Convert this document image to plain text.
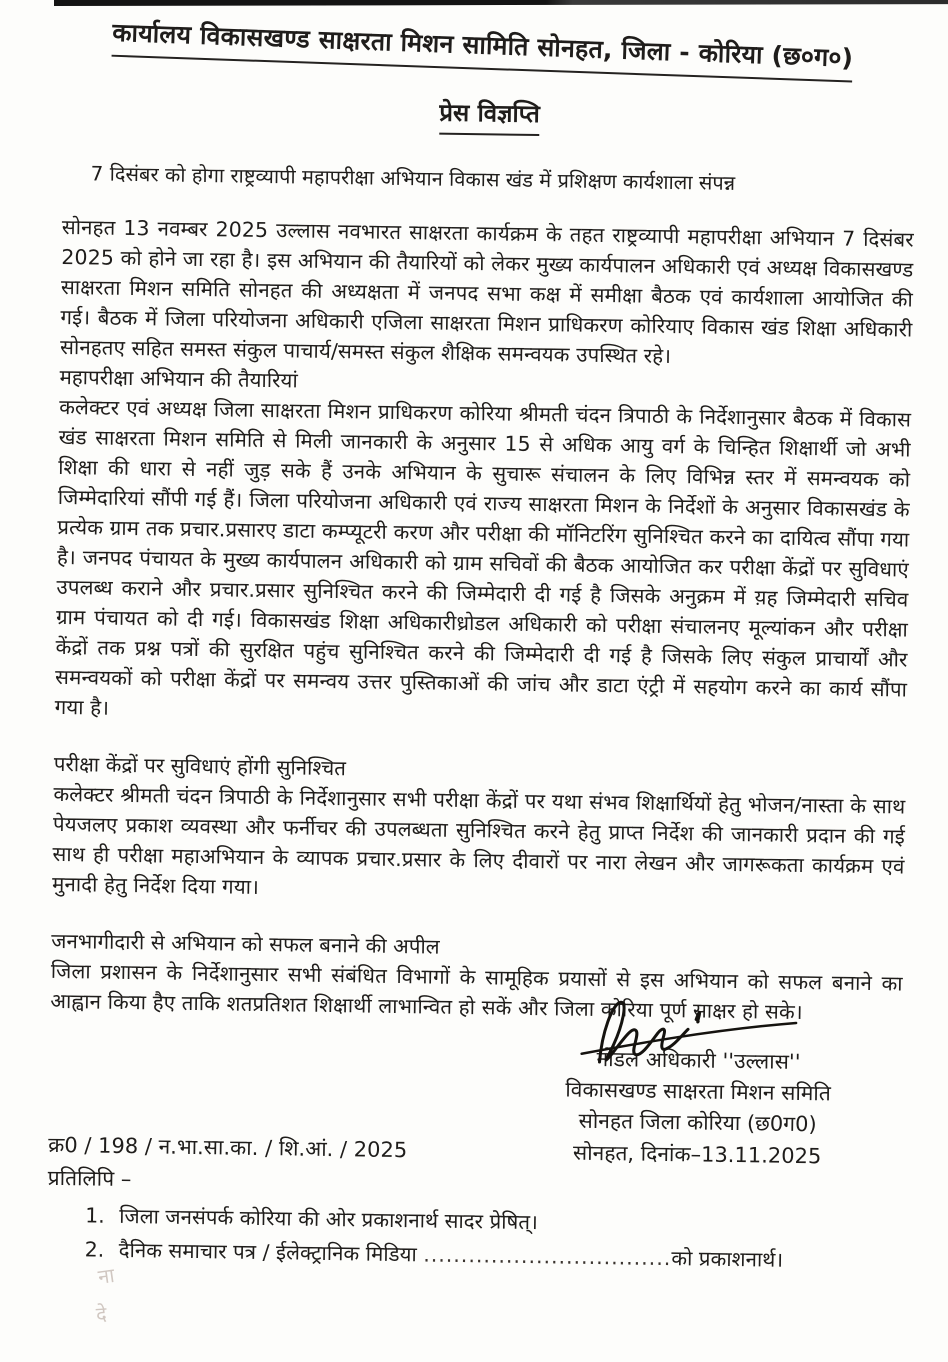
कार्यालय विकासखण्ड साक्षरता मिशन सामिति सोनहत, जिला - कोरिया (छ०ग०)
प्रेस विज्ञप्ति
7 दिसंबर को होगा राष्ट्रव्यापी महापरीक्षा अभियान विकास खंड में प्रशिक्षण कार्यशाला संपन्न

सोनहत 13 नवम्बर 2025 उल्लास नवभारत साक्षरता कार्यक्रम के तहत राष्ट्रव्यापी महापरीक्षा अभियान 7 दिसंबर 2025 को होने जा रहा है। इस अभियान की तैयारियों को लेकर मुख्य कार्यपालन अधिकारी एवं अध्यक्ष विकासखण्ड साक्षरता मिशन समिति सोनहत की अध्यक्षता में जनपद सभा कक्ष में समीक्षा बैठक एवं कार्यशाला आयोजित की गई। बैठक में जिला परियोजना अधिकारी एजिला साक्षरता मिशन प्राधिकरण कोरियाए विकास खंड शिक्षा अधिकारी सोनहतए सहित समस्त संकुल पाचार्य/समस्त संकुल शैक्षिक समन्वयक उपस्थित रहे।

महापरीक्षा अभियान की तैयारियां

कलेक्टर एवं अध्यक्ष जिला साक्षरता मिशन प्राधिकरण कोरिया श्रीमती चंदन त्रिपाठी के निर्देशानुसार बैठक में विकास खंड साक्षरता मिशन समिति से मिली जानकारी के अनुसार 15 से अधिक आयु वर्ग के चिन्हित शिक्षार्थी जो अभी शिक्षा की धारा से नहीं जुड़ सके हैं उनके अभियान के सुचारू संचालन के लिए विभिन्न स्तर में समन्वयक को जिम्मेदारियां सौंपी गई हैं। जिला परियोजना अधिकारी एवं राज्य साक्षरता मिशन के निर्देशों के अनुसार विकासखंड के प्रत्येक ग्राम तक प्रचार.प्रसारए डाटा कम्प्यूटरी करण और परीक्षा की मॉनिटरिंग सुनिश्चित करने का दायित्व सौंपा गया है। जनपद पंचायत के मुख्य कार्यपालन अधिकारी को ग्राम सचिवों की बैठक आयोजित कर परीक्षा केंद्रों पर सुविधाएं उपलब्ध कराने और प्रचार.प्रसार सुनिश्चित करने की जिम्मेदारी दी गई है जिसके अनुक्रम में य़ह जिम्मेदारी सचिव ग्राम पंचायत को दी गई। विकासखंड शिक्षा अधिकारीध्रोडल अधिकारी को परीक्षा संचालनए मूल्यांकन और परीक्षा केंद्रों तक प्रश्न पत्रों की सुरक्षित पहुंच सुनिश्चित करने की जिम्मेदारी दी गई है जिसके लिए संकुल प्राचार्यों और समन्वयकों को परीक्षा केंद्रों पर समन्वय उत्तर पुस्तिकाओं की जांच और डाटा एंट्री में सहयोग करने का कार्य सौंपा गया है।

परीक्षा केंद्रों पर सुविधाएं होंगी सुनिश्चित

कलेक्टर श्रीमती चंदन त्रिपाठी के निर्देशानुसार सभी परीक्षा केंद्रों पर यथा संभव शिक्षार्थियों हेतु भोजन/नास्ता के साथ पेयजलए प्रकाश व्यवस्था और फर्नीचर की उपलब्धता सुनिश्चित करने हेतु प्राप्त निर्देश की जानकारी प्रदान की गई साथ ही परीक्षा महाअभियान के व्यापक प्रचार.प्रसार के लिए दीवारों पर नारा लेखन और जागरूकता कार्यक्रम एवं मुनादी हेतु निर्देश दिया गया।

जनभागीदारी से अभियान को सफल बनाने की अपील

जिला प्रशासन के निर्देशानुसार सभी संबंधित विभागों के सामूहिक प्रयासों से इस अभियान को सफल बनाने का आह्वान किया हैए ताकि शतप्रतिशत शिक्षार्थी लाभान्वित हो सकें और जिला कोरिया पूर्ण साक्षर हो सके।

नोडल अधिकारी ''उल्लास''
विकासखण्ड साक्षरता मिशन समिति
सोनहत जिला कोरिया (छ0ग0)
क्र0 / 198 / न.भा.सा.का. / शि.आं. / 2025	सोनहत, दिनांक–13.11.2025
प्रतिलिपि –
1. जिला जनसंपर्क कोरिया की ओर प्रकाशनार्थ सादर प्रेषित्।
2. दैनिक समाचार पत्र / ईलेक्ट्रानिक मिडिया .................................को प्रकाशनार्थ।
ना
दे
